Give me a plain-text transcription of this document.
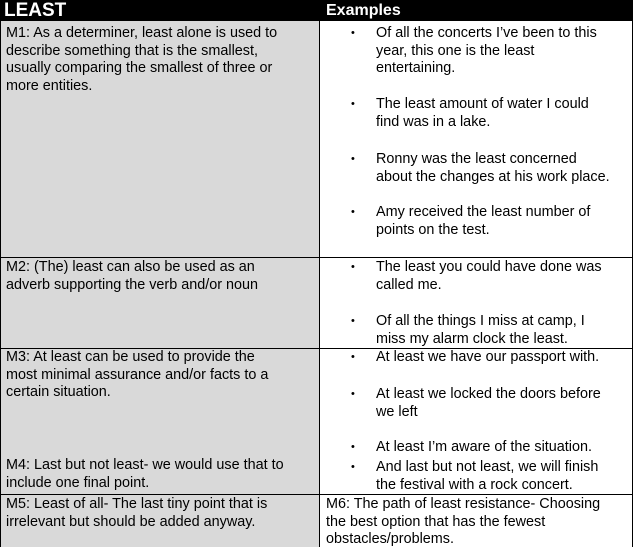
LEAST	Examples
M1: As a determiner, least alone is used to
describe something that is the smallest,
usually comparing the smallest of three or
more entities.
• Of all the concerts I’ve been to this
year, this one is the least
entertaining.
• The least amount of water I could
find was in a lake.
• Ronny was the least concerned
about the changes at his work place.
• Amy received the least number of
points on the test.
M2: (The) least can also be used as an
adverb supporting the verb and/or noun
• The least you could have done was
called me.
• Of all the things I miss at camp, I
miss my alarm clock the least.
M3: At least can be used to provide the
most minimal assurance and/or facts to a
certain situation.
M4: Last but not least- we would use that to
include one final point.
• At least we have our passport with.
• At least we locked the doors before
we left
• At least I’m aware of the situation.
• And last but not least, we will finish
the festival with a rock concert.
M5: Least of all- The last tiny point that is
irrelevant but should be added anyway.
M6: The path of least resistance- Choosing
the best option that has the fewest
obstacles/problems.
